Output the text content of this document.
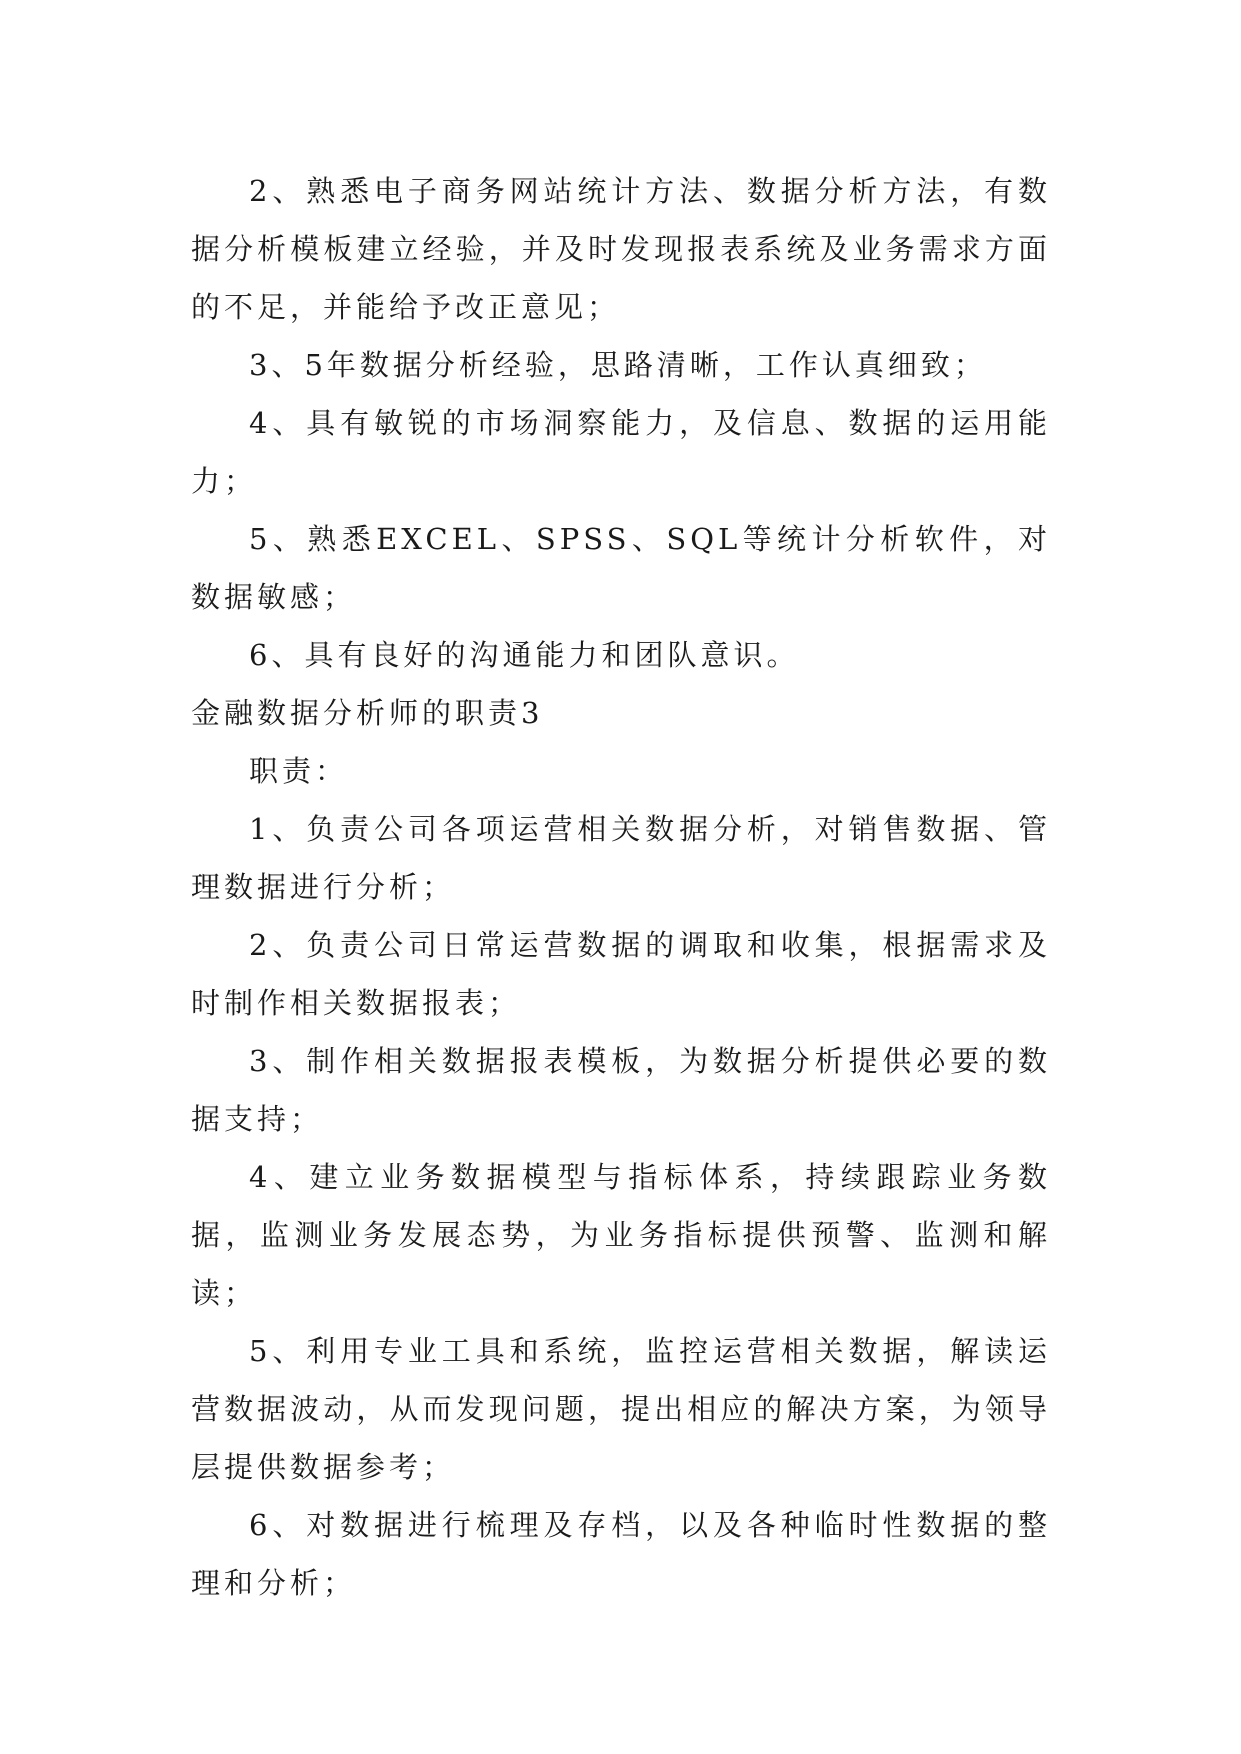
2、熟悉电子商务网站统计方法、数据分析方法，有数据分析模板建立经验，并及时发现报表系统及业务需求方面的不足，并能给予改正意见；

3、5年数据分析经验，思路清晰，工作认真细致；

4、具有敏锐的市场洞察能力，及信息、数据的运用能力；

5、熟悉EXCEL、SPSS、SQL等统计分析软件，对数据敏感；

6、具有良好的沟通能力和团队意识。

金融数据分析师的职责3

职责：

1、负责公司各项运营相关数据分析，对销售数据、管理数据进行分析；

2、负责公司日常运营数据的调取和收集，根据需求及时制作相关数据报表；

3、制作相关数据报表模板，为数据分析提供必要的数据支持；

4、建立业务数据模型与指标体系，持续跟踪业务数据，监测业务发展态势，为业务指标提供预警、监测和解读；

5、利用专业工具和系统，监控运营相关数据，解读运营数据波动，从而发现问题，提出相应的解决方案，为领导层提供数据参考；

6、对数据进行梳理及存档，以及各种临时性数据的整理和分析；
